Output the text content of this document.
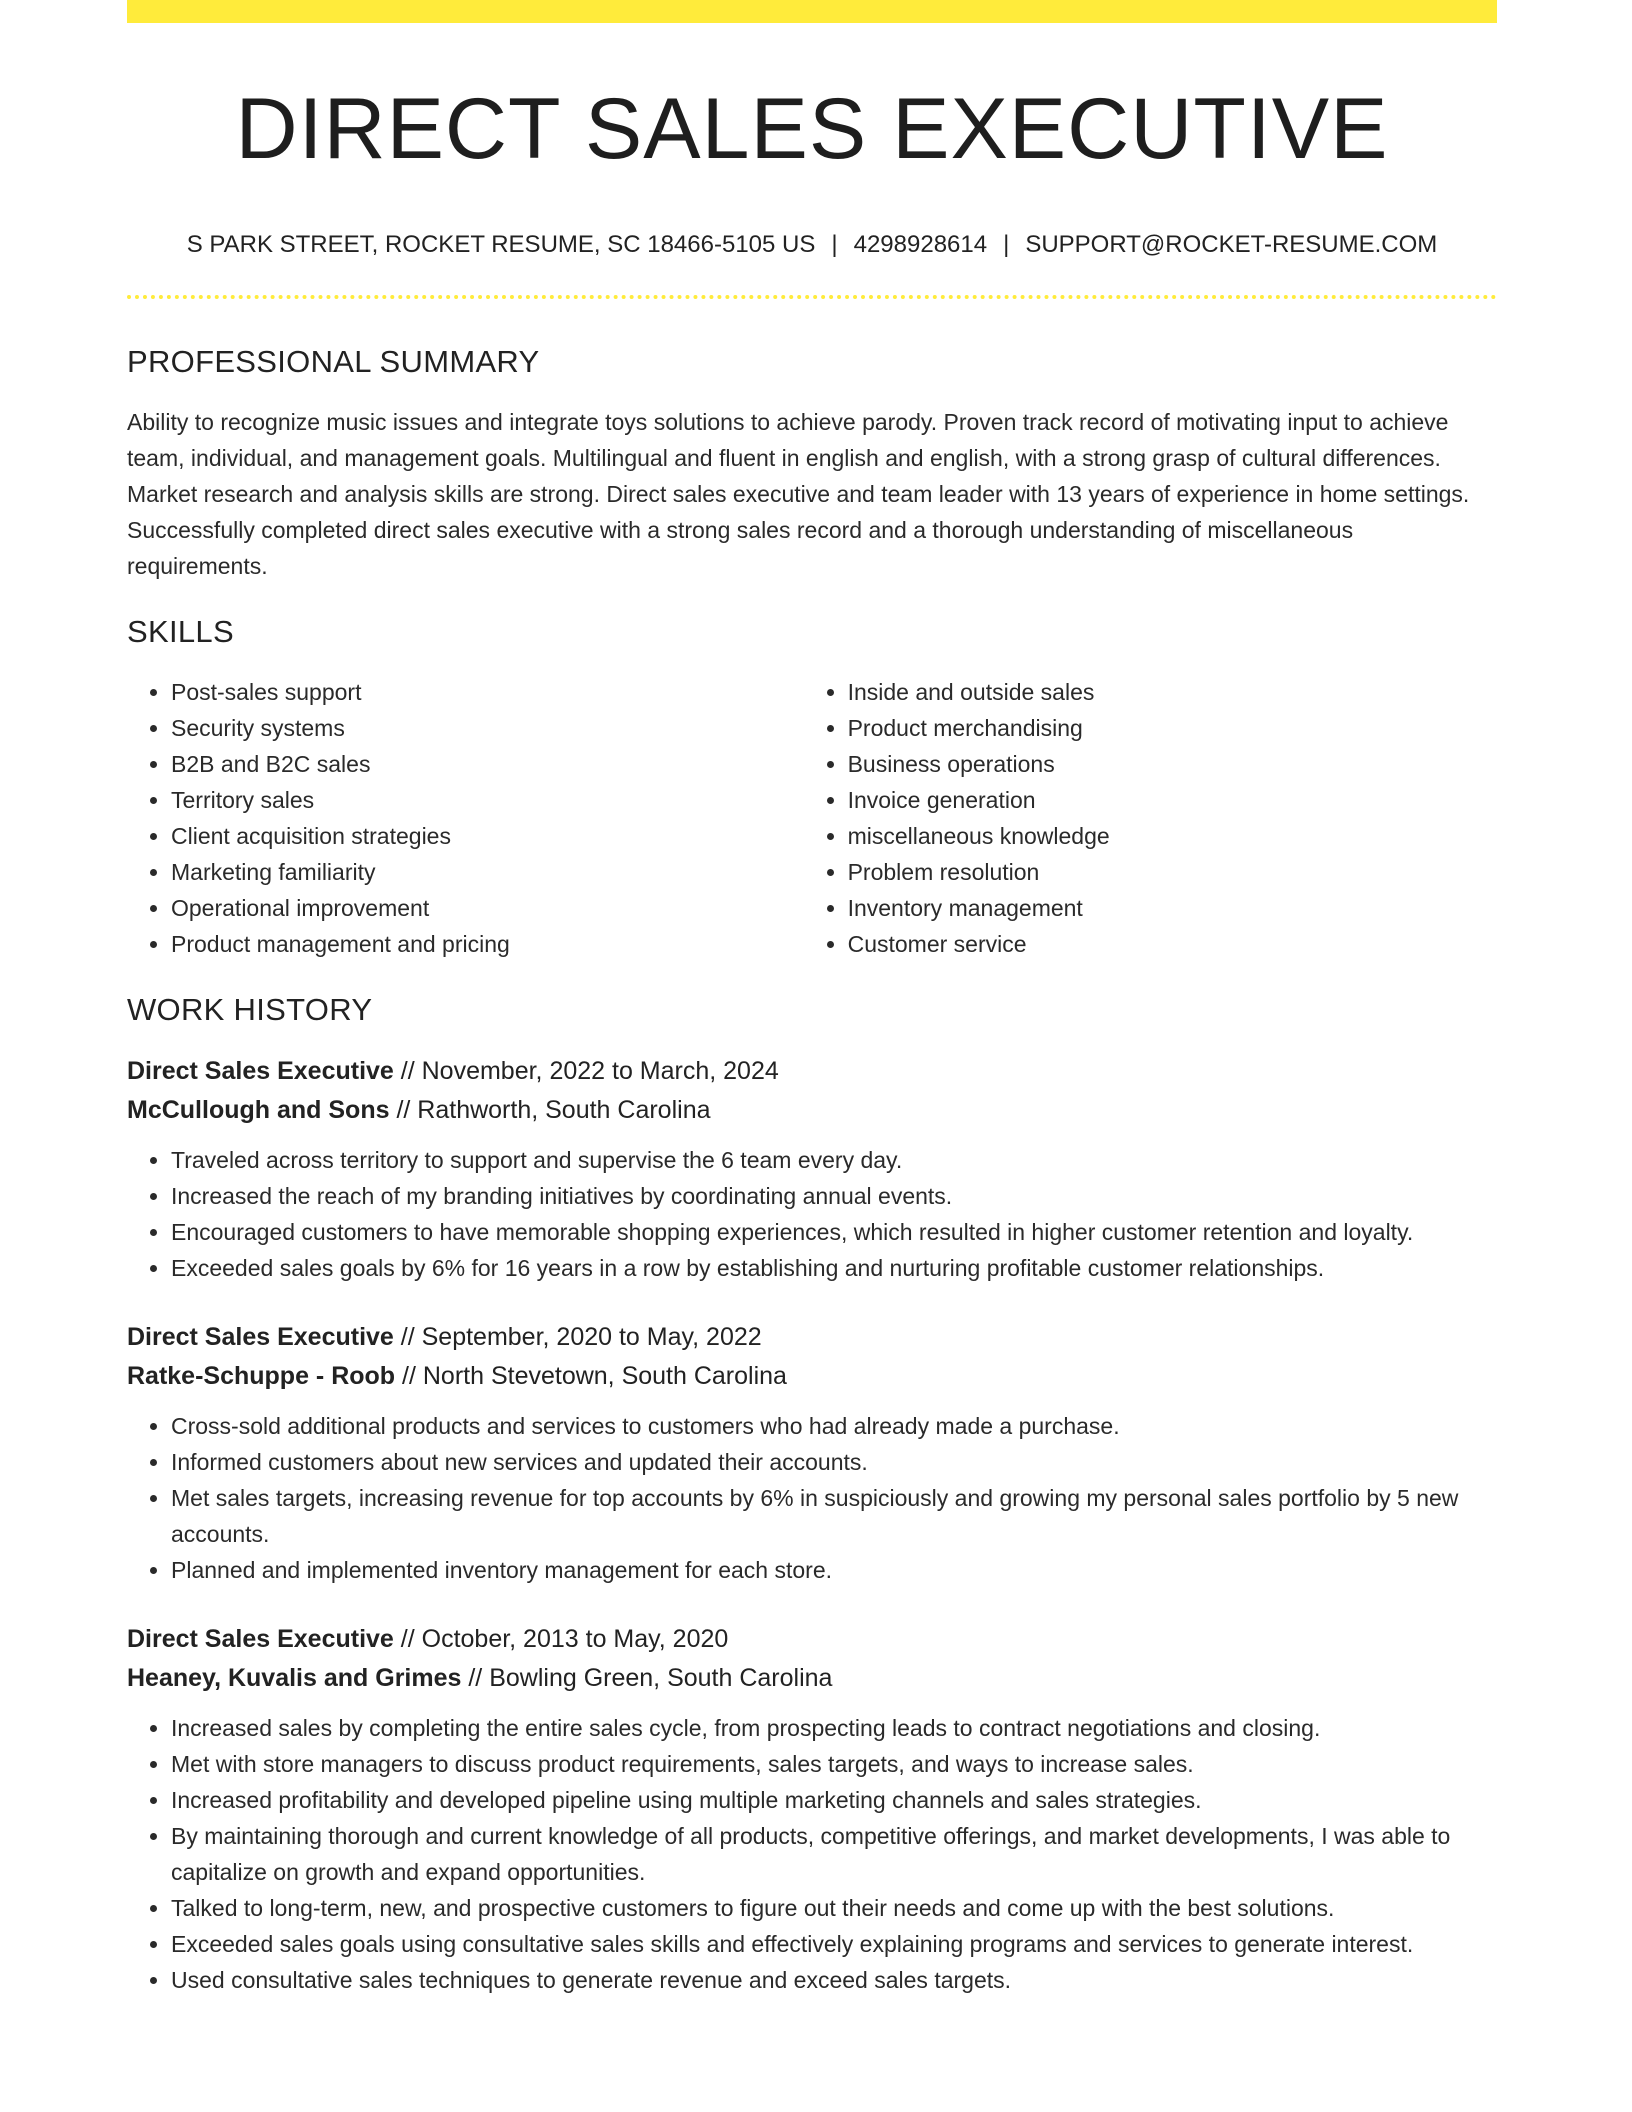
DIRECT SALES EXECUTIVE
S PARK STREET, ROCKET RESUME, SC 18466-5105 US | 4298928614 | SUPPORT@ROCKET-RESUME.COM
PROFESSIONAL SUMMARY

Ability to recognize music issues and integrate toys solutions to achieve parody. Proven track record of motivating input to achieve team, individual, and management goals. Multilingual and fluent in english and english, with a strong grasp of cultural differences. Market research and analysis skills are strong. Direct sales executive and team leader with 13 years of experience in home settings. Successfully completed direct sales executive with a strong sales record and a thorough understanding of miscellaneous requirements.

SKILLS
• Post-sales support
• Security systems
• B2B and B2C sales
• Territory sales
• Client acquisition strategies
• Marketing familiarity
• Operational improvement
• Product management and pricing
• Inside and outside sales
• Product merchandising
• Business operations
• Invoice generation
• miscellaneous knowledge
• Problem resolution
• Inventory management
• Customer service
WORK HISTORY
Direct Sales Executive // November, 2022 to March, 2024
McCullough and Sons // Rathworth, South Carolina
• Traveled across territory to support and supervise the 6 team every day.
• Increased the reach of my branding initiatives by coordinating annual events.
• Encouraged customers to have memorable shopping experiences, which resulted in higher customer retention and loyalty.
• Exceeded sales goals by 6% for 16 years in a row by establishing and nurturing profitable customer relationships.
Direct Sales Executive // September, 2020 to May, 2022
Ratke-Schuppe - Roob // North Stevetown, South Carolina
• Cross-sold additional products and services to customers who had already made a purchase.
• Informed customers about new services and updated their accounts.
• Met sales targets, increasing revenue for top accounts by 6% in suspiciously and growing my personal sales portfolio by 5 new accounts.
• Planned and implemented inventory management for each store.
Direct Sales Executive // October, 2013 to May, 2020
Heaney, Kuvalis and Grimes // Bowling Green, South Carolina
• Increased sales by completing the entire sales cycle, from prospecting leads to contract negotiations and closing.
• Met with store managers to discuss product requirements, sales targets, and ways to increase sales.
• Increased profitability and developed pipeline using multiple marketing channels and sales strategies.
• By maintaining thorough and current knowledge of all products, competitive offerings, and market developments, I was able to capitalize on growth and expand opportunities.
• Talked to long-term, new, and prospective customers to figure out their needs and come up with the best solutions.
• Exceeded sales goals using consultative sales skills and effectively explaining programs and services to generate interest.
• Used consultative sales techniques to generate revenue and exceed sales targets.
